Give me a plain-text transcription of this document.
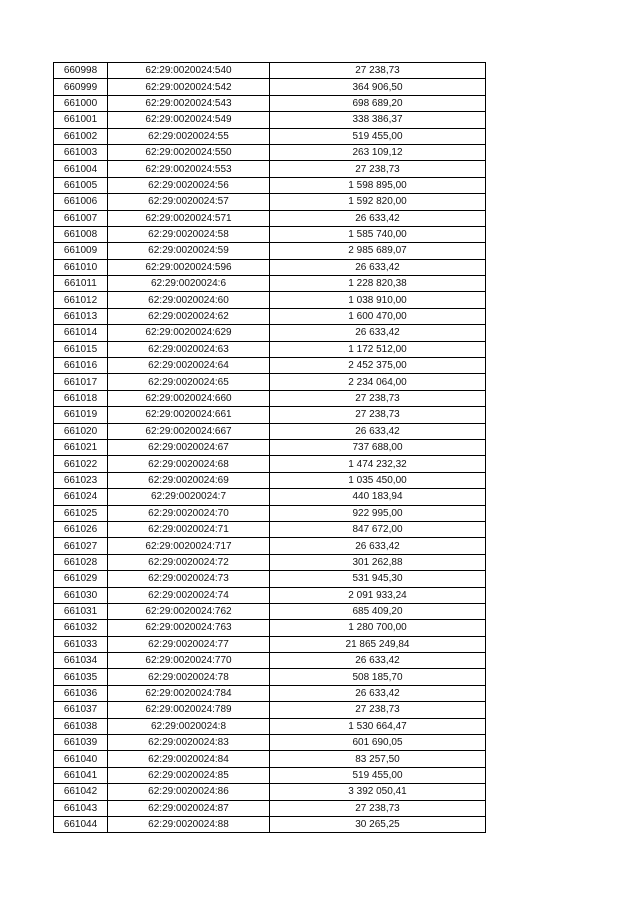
660998	62:29:0020024:540	27 238,73
660999	62:29:0020024:542	364 906,50
661000	62:29:0020024:543	698 689,20
661001	62:29:0020024:549	338 386,37
661002	62:29:0020024:55	519 455,00
661003	62:29:0020024:550	263 109,12
661004	62:29:0020024:553	27 238,73
661005	62:29:0020024:56	1 598 895,00
661006	62:29:0020024:57	1 592 820,00
661007	62:29:0020024:571	26 633,42
661008	62:29:0020024:58	1 585 740,00
661009	62:29:0020024:59	2 985 689,07
661010	62:29:0020024:596	26 633,42
661011	62:29:0020024:6	1 228 820,38
661012	62:29:0020024:60	1 038 910,00
661013	62:29:0020024:62	1 600 470,00
661014	62:29:0020024:629	26 633,42
661015	62:29:0020024:63	1 172 512,00
661016	62:29:0020024:64	2 452 375,00
661017	62:29:0020024:65	2 234 064,00
661018	62:29:0020024:660	27 238,73
661019	62:29:0020024:661	27 238,73
661020	62:29:0020024:667	26 633,42
661021	62:29:0020024:67	737 688,00
661022	62:29:0020024:68	1 474 232,32
661023	62:29:0020024:69	1 035 450,00
661024	62:29:0020024:7	440 183,94
661025	62:29:0020024:70	922 995,00
661026	62:29:0020024:71	847 672,00
661027	62:29:0020024:717	26 633,42
661028	62:29:0020024:72	301 262,88
661029	62:29:0020024:73	531 945,30
661030	62:29:0020024:74	2 091 933,24
661031	62:29:0020024:762	685 409,20
661032	62:29:0020024:763	1 280 700,00
661033	62:29:0020024:77	21 865 249,84
661034	62:29:0020024:770	26 633,42
661035	62:29:0020024:78	508 185,70
661036	62:29:0020024:784	26 633,42
661037	62:29:0020024:789	27 238,73
661038	62:29:0020024:8	1 530 664,47
661039	62:29:0020024:83	601 690,05
661040	62:29:0020024:84	83 257,50
661041	62:29:0020024:85	519 455,00
661042	62:29:0020024:86	3 392 050,41
661043	62:29:0020024:87	27 238,73
661044	62:29:0020024:88	30 265,25
